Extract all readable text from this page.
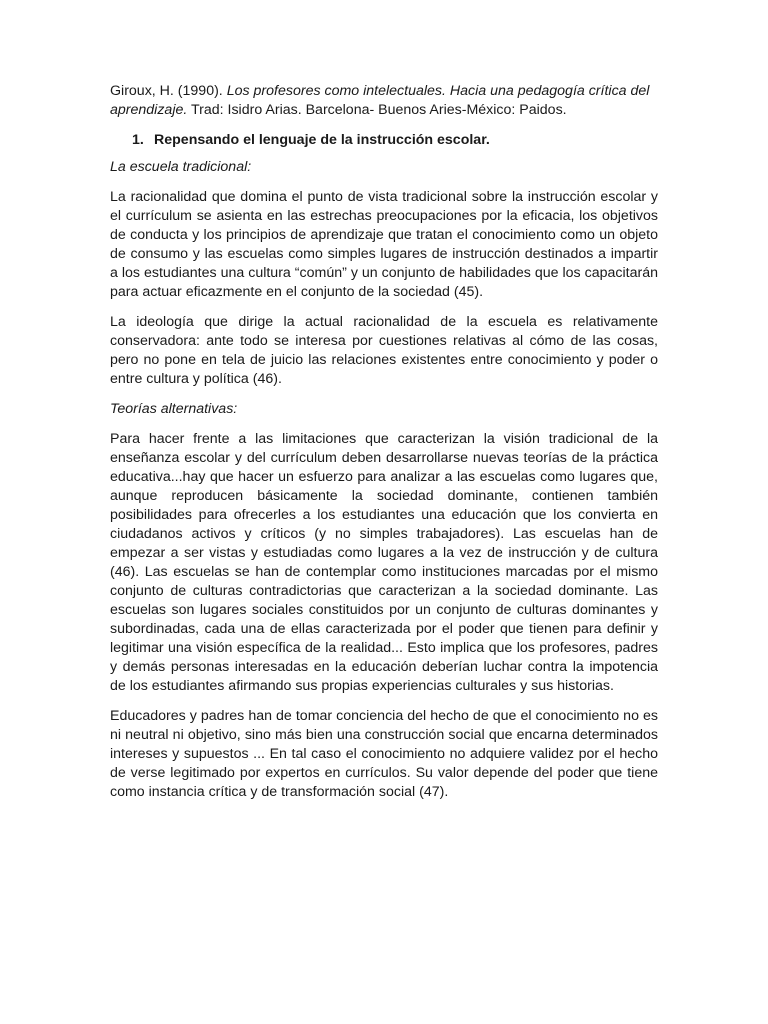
Giroux, H. (1990). Los profesores como intelectuales. Hacia una pedagogía crítica del aprendizaje. Trad: Isidro Arias. Barcelona- Buenos Aries-México: Paidos.

1. Repensando el lenguaje de la instrucción escolar.

La escuela tradicional:

La racionalidad que domina el punto de vista tradicional sobre la instrucción escolar y el currículum se asienta en las estrechas preocupaciones por la eficacia, los objetivos de conducta y los principios de aprendizaje que tratan el conocimiento como un objeto de consumo y las escuelas como simples lugares de instrucción destinados a impartir a los estudiantes una cultura “común” y un conjunto de habilidades que los capacitarán para actuar eficazmente en el conjunto de la sociedad (45).

La ideología que dirige la actual racionalidad de la escuela es relativamente conservadora: ante todo se interesa por cuestiones relativas al cómo de las cosas, pero no pone en tela de juicio las relaciones existentes entre conocimiento y poder o entre cultura y política (46).

Teorías alternativas:

Para hacer frente a las limitaciones que caracterizan la visión tradicional de la enseñanza escolar y del currículum deben desarrollarse nuevas teorías de la práctica educativa...hay que hacer un esfuerzo para analizar a las escuelas como lugares que, aunque reproducen básicamente la sociedad dominante, contienen también posibilidades para ofrecerles a los estudiantes una educación que los convierta en ciudadanos activos y críticos (y no simples trabajadores). Las escuelas han de empezar a ser vistas y estudiadas como lugares a la vez de instrucción y de cultura (46). Las escuelas se han de contemplar como instituciones marcadas por el mismo conjunto de culturas contradictorias que caracterizan a la sociedad dominante. Las escuelas son lugares sociales constituidos por un conjunto de culturas dominantes y subordinadas, cada una de ellas caracterizada por el poder que tienen para definir y legitimar una visión específica de la realidad... Esto implica que los profesores, padres y demás personas interesadas en la educación deberían luchar contra la impotencia de los estudiantes afirmando sus propias experiencias culturales y sus historias.

Educadores y padres han de tomar conciencia del hecho de que el conocimiento no es ni neutral ni objetivo, sino más bien una construcción social que encarna determinados intereses y supuestos ... En tal caso el conocimiento no adquiere validez por el hecho de verse legitimado por expertos en currículos. Su valor depende del poder que tiene como instancia crítica y de transformación social (47).
